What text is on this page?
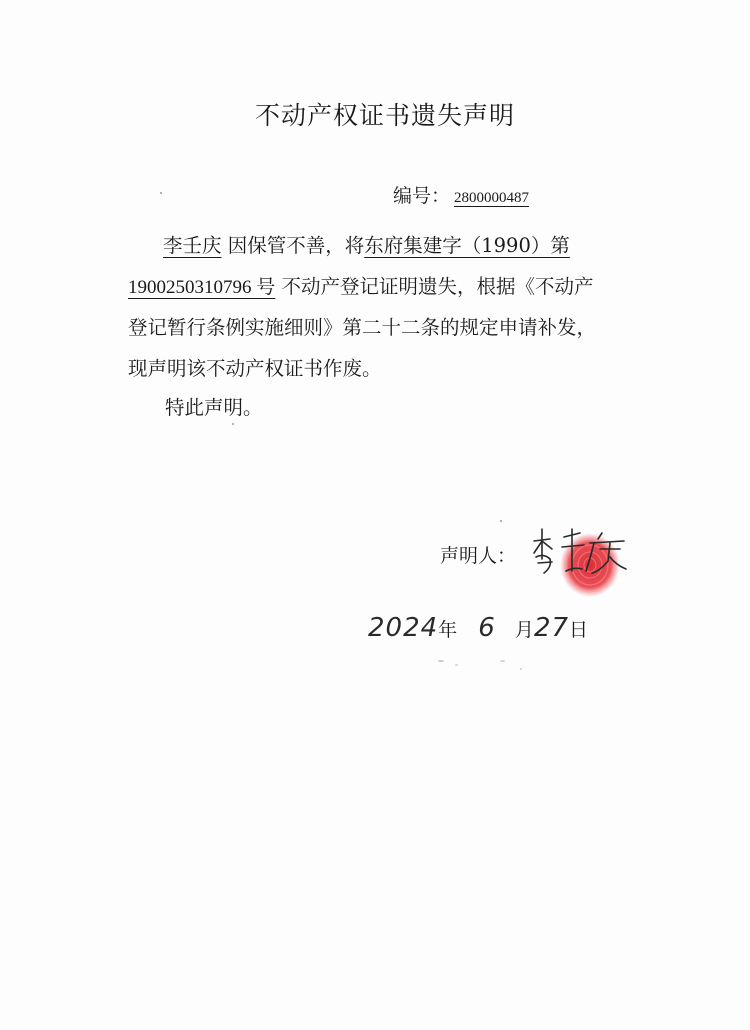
不动产权证书遗失声明
编号： 2800000487
李壬庆 因保管不善，将东府集建字（1990）第
1900250310796 号 不动产登记证明遗失，根据《不动产
登记暂行条例实施细则》第二十二条的规定申请补发，
现声明该不动产权证书作废。
特此声明。
声明人：
2024年 6 月27日
